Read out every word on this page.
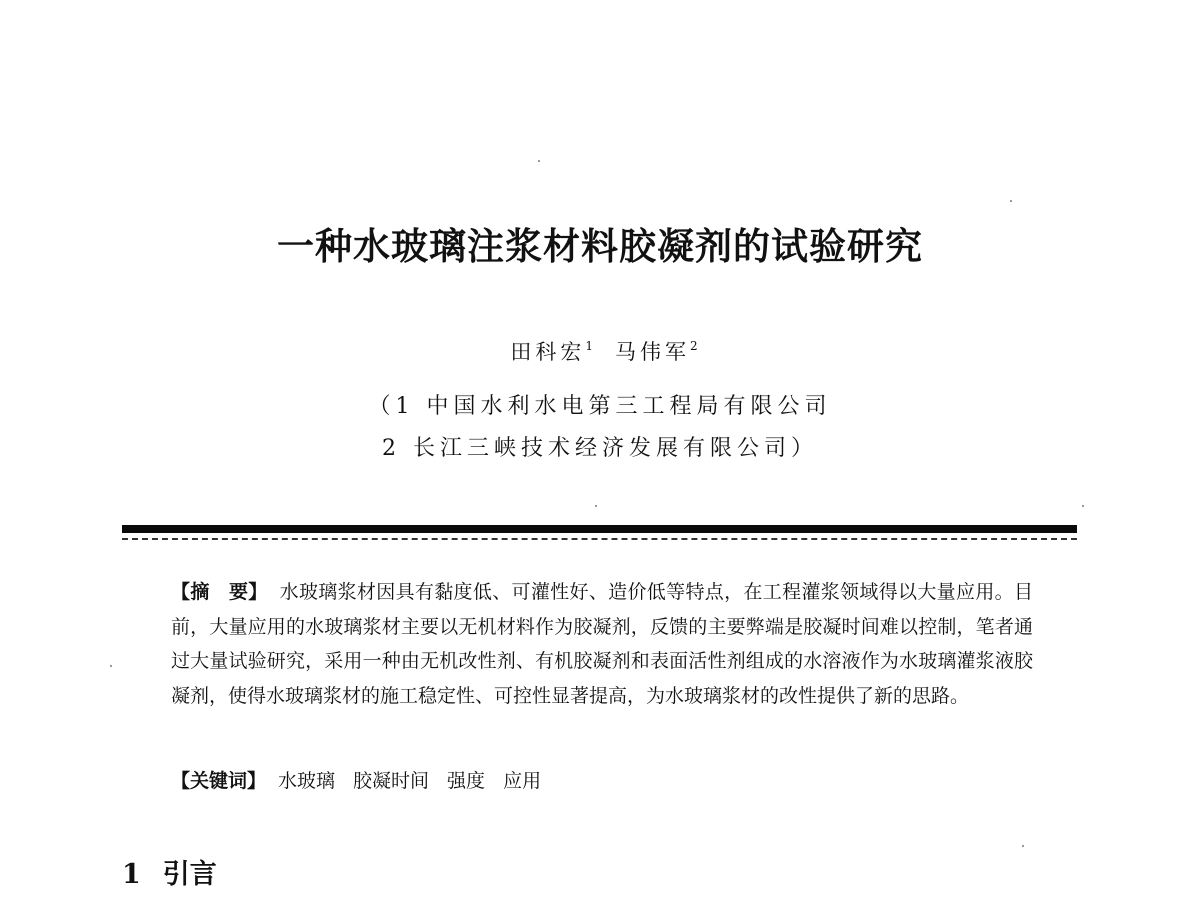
一种水玻璃注浆材料胶凝剂的试验研究
田科宏$^1$ 马伟军$^2$
（1 中国水利水电第三工程局有限公司
2 长江三峡技术经济发展有限公司）
【摘　要】 水玻璃浆材因具有黏度低、可灌性好、造价低等特点，在工程灌浆领域得以大量应用。目前，大量应用的水玻璃浆材主要以无机材料作为胶凝剂，反馈的主要弊端是胶凝时间难以控制，笔者通过大量试验研究，采用一种由无机改性剂、有机胶凝剂和表面活性剂组成的水溶液作为水玻璃灌浆液胶凝剂，使得水玻璃浆材的施工稳定性、可控性显著提高，为水玻璃浆材的改性提供了新的思路。
【关键词】 水玻璃 胶凝时间 强度 应用
1 引言
